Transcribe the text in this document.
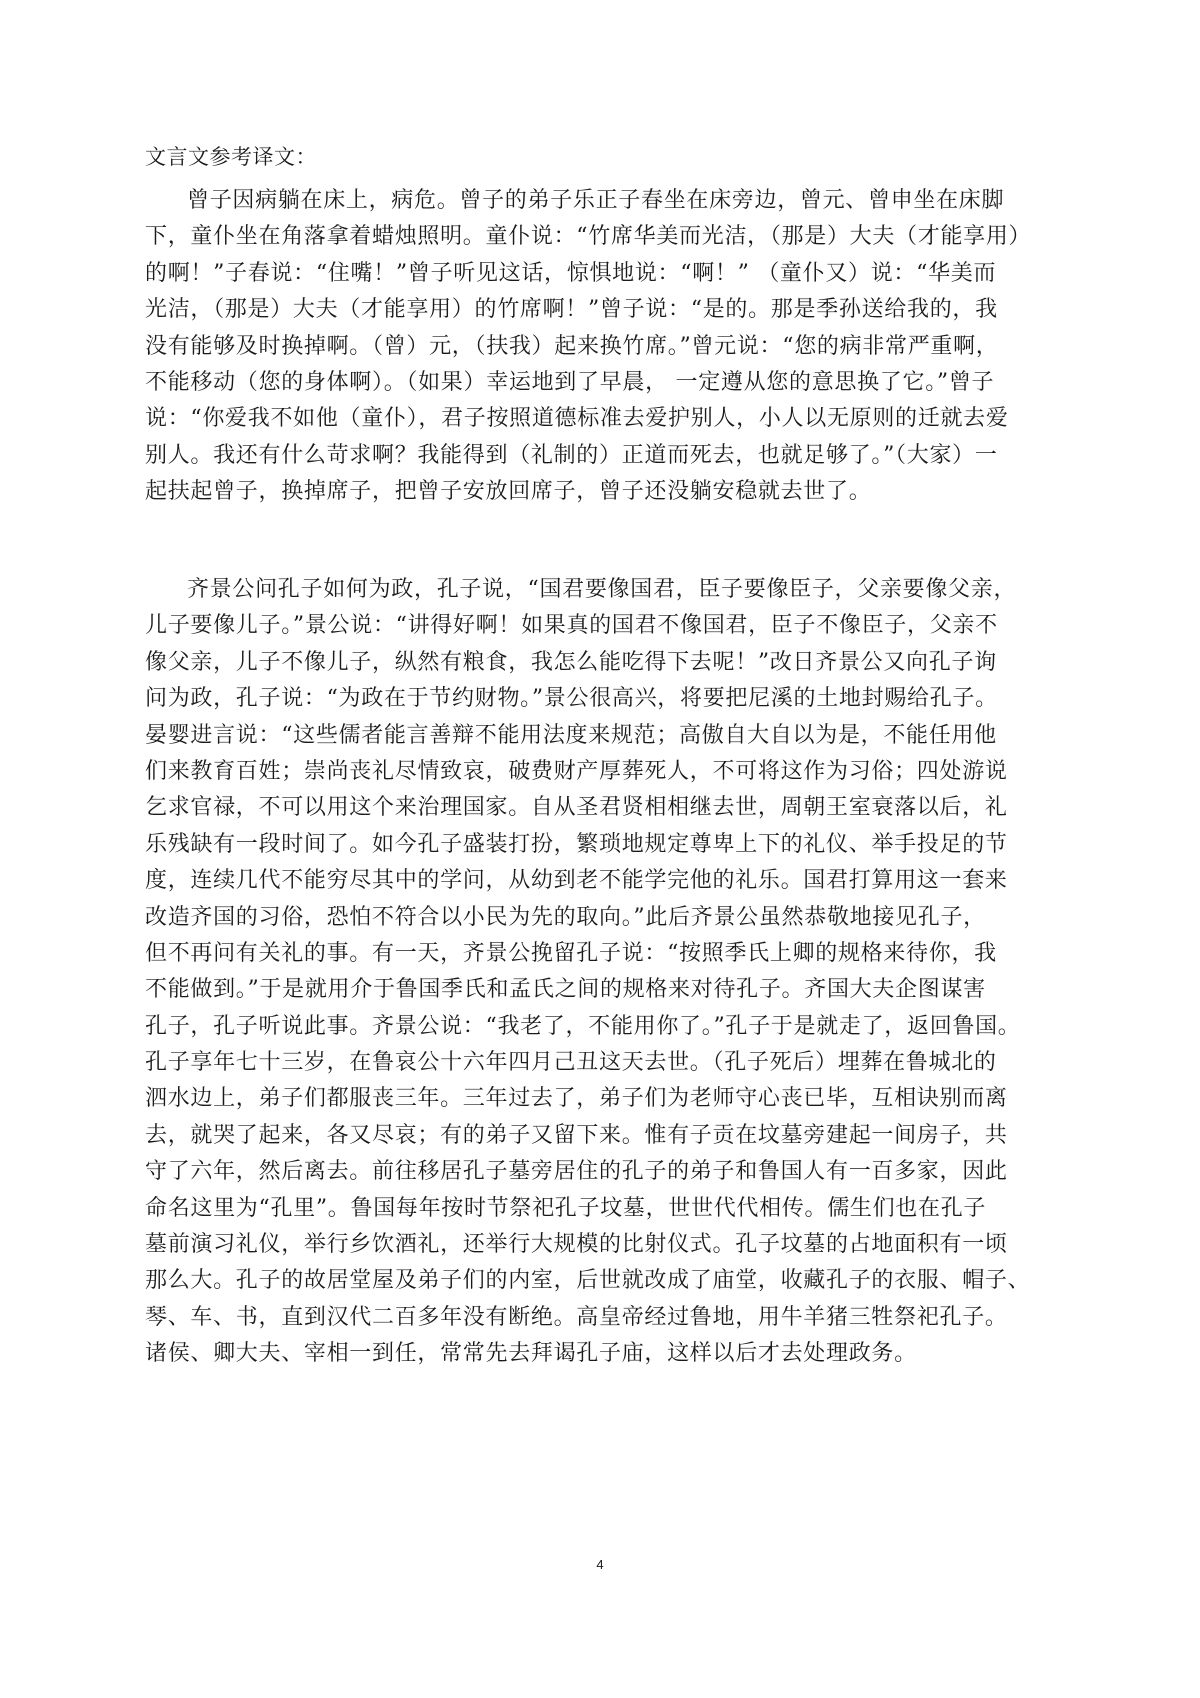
文言文参考译文：
曾子因病躺在床上，病危。曾子的弟子乐正子春坐在床旁边，曾元、曾申坐在床脚
下，童仆坐在角落拿着蜡烛照明。童仆说：“竹席华美而光洁，（那是）大夫（才能享用）
的啊！”子春说：“住嘴！”曾子听见这话，惊惧地说：“啊！” （童仆又）说：“华美而
光洁，（那是）大夫（才能享用）的竹席啊！”曾子说：“是的。那是季孙送给我的，我
没有能够及时换掉啊。（曾）元，（扶我）起来换竹席。”曾元说：“您的病非常严重啊，
不能移动（您的身体啊）。（如果）幸运地到了早晨， 一定遵从您的意思换了它。”曾子
说：“你爱我不如他（童仆），君子按照道德标准去爱护别人，小人以无原则的迁就去爱
别人。我还有什么苛求啊？我能得到（礼制的）正道而死去，也就足够了。”（大家）一
起扶起曾子，换掉席子，把曾子安放回席子，曾子还没躺安稳就去世了。
齐景公问孔子如何为政，孔子说，“国君要像国君，臣子要像臣子，父亲要像父亲，
儿子要像儿子。”景公说：“讲得好啊！如果真的国君不像国君，臣子不像臣子，父亲不
像父亲，儿子不像儿子，纵然有粮食，我怎么能吃得下去呢！”改日齐景公又向孔子询
问为政，孔子说：“为政在于节约财物。”景公很高兴，将要把尼溪的土地封赐给孔子。
晏婴进言说：“这些儒者能言善辩不能用法度来规范；高傲自大自以为是，不能任用他
们来教育百姓；崇尚丧礼尽情致哀，破费财产厚葬死人，不可将这作为习俗；四处游说
乞求官禄，不可以用这个来治理国家。自从圣君贤相相继去世，周朝王室衰落以后，礼
乐残缺有一段时间了。如今孔子盛装打扮，繁琐地规定尊卑上下的礼仪、举手投足的节
度，连续几代不能穷尽其中的学问，从幼到老不能学完他的礼乐。国君打算用这一套来
改造齐国的习俗，恐怕不符合以小民为先的取向。”此后齐景公虽然恭敬地接见孔子，
但不再问有关礼的事。有一天，齐景公挽留孔子说：“按照季氏上卿的规格来待你，我
不能做到。”于是就用介于鲁国季氏和孟氏之间的规格来对待孔子。齐国大夫企图谋害
孔子，孔子听说此事。齐景公说：“我老了，不能用你了。”孔子于是就走了，返回鲁国。
孔子享年七十三岁，在鲁哀公十六年四月己丑这天去世。（孔子死后）埋葬在鲁城北的
泗水边上，弟子们都服丧三年。三年过去了，弟子们为老师守心丧已毕，互相诀别而离
去，就哭了起来，各又尽哀；有的弟子又留下来。惟有子贡在坟墓旁建起一间房子，共
守了六年，然后离去。前往移居孔子墓旁居住的孔子的弟子和鲁国人有一百多家，因此
命名这里为“孔里”。鲁国每年按时节祭祀孔子坟墓，世世代代相传。儒生们也在孔子
墓前演习礼仪，举行乡饮酒礼，还举行大规模的比射仪式。孔子坟墓的占地面积有一顷
那么大。孔子的故居堂屋及弟子们的内室，后世就改成了庙堂，收藏孔子的衣服、帽子、
琴、车、书，直到汉代二百多年没有断绝。高皇帝经过鲁地，用牛羊猪三牲祭祀孔子。
诸侯、卿大夫、宰相一到任，常常先去拜谒孔子庙，这样以后才去处理政务。
4
